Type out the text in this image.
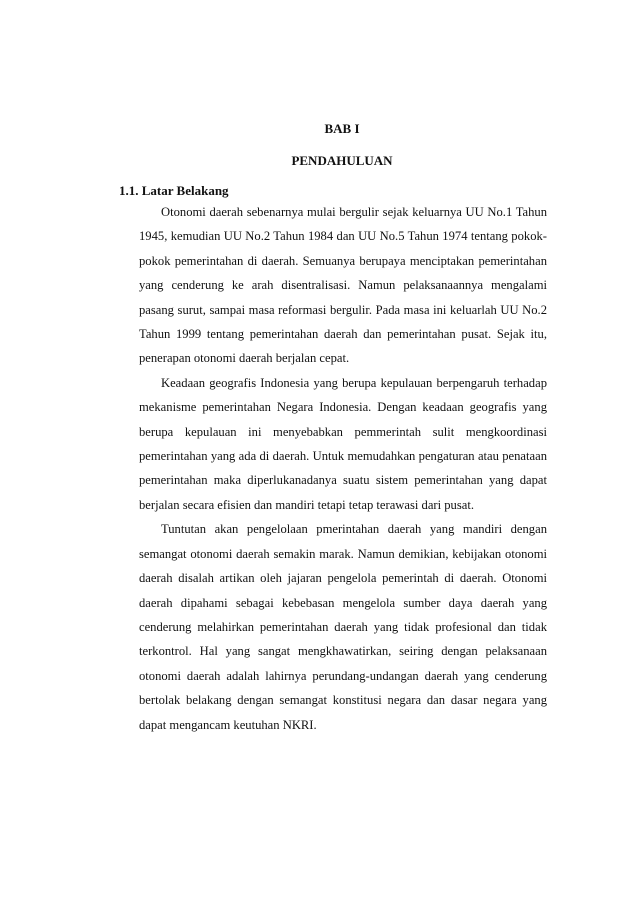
BAB I
PENDAHULUAN
1.1. Latar Belakang

Otonomi daerah sebenarnya mulai bergulir sejak keluarnya UU No.1 Tahun 1945, kemudian UU No.2 Tahun 1984 dan UU No.5 Tahun 1974 tentang pokok-pokok pemerintahan di daerah. Semuanya berupaya menciptakan pemerintahan yang cenderung ke arah disentralisasi. Namun pelaksanaannya mengalami pasang surut, sampai masa reformasi bergulir. Pada masa ini keluarlah UU No.2 Tahun 1999 tentang pemerintahan daerah dan pemerintahan pusat. Sejak itu, penerapan otonomi daerah berjalan cepat.

Keadaan geografis Indonesia yang berupa kepulauan berpengaruh terhadap mekanisme pemerintahan Negara Indonesia. Dengan keadaan geografis yang berupa kepulauan ini menyebabkan pemmerintah sulit mengkoordinasi pemerintahan yang ada di daerah. Untuk memudahkan pengaturan atau penataan pemerintahan maka diperlukanadanya suatu sistem pemerintahan yang dapat berjalan secara efisien dan mandiri tetapi tetap terawasi dari pusat.

Tuntutan akan pengelolaan pmerintahan daerah yang mandiri dengan semangat otonomi daerah semakin marak. Namun demikian, kebijakan otonomi daerah disalah artikan oleh jajaran pengelola pemerintah di daerah. Otonomi daerah dipahami sebagai kebebasan mengelola sumber daya daerah yang cenderung melahirkan pemerintahan daerah yang tidak profesional dan tidak terkontrol. Hal yang sangat mengkhawatirkan, seiring dengan pelaksanaan otonomi daerah adalah lahirnya perundang-undangan daerah yang cenderung bertolak belakang dengan semangat konstitusi negara dan dasar negara yang dapat mengancam keutuhan NKRI.
